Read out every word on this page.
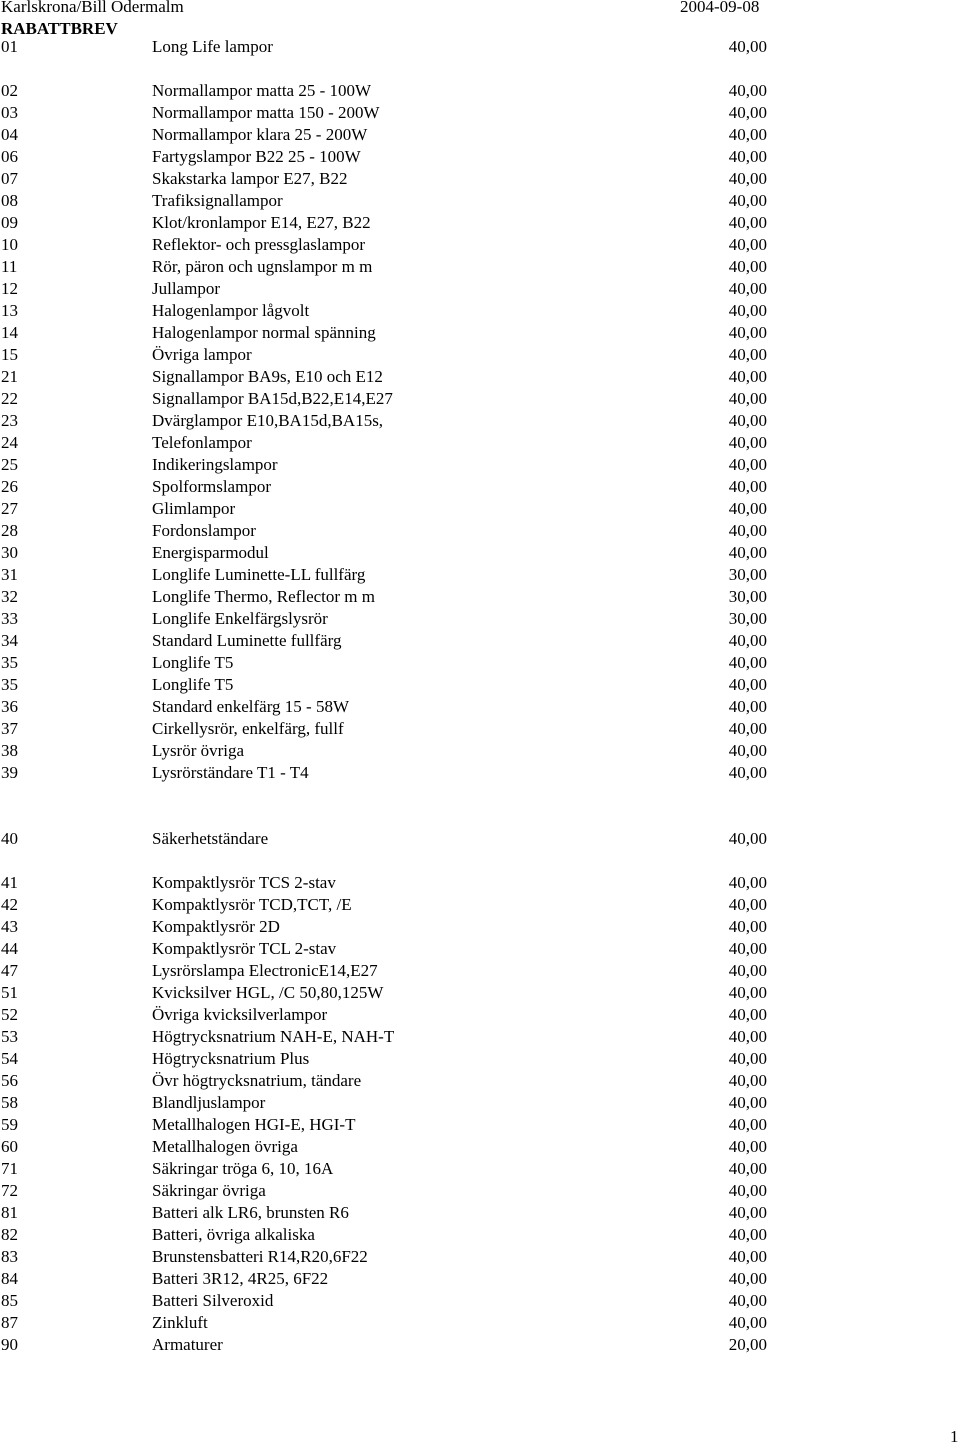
Karlskrona/Bill Odermalm	2004-09-08
RABATTBREV
01	Long Life lampor	40,00
02	Normallampor matta 25 - 100W	40,00
03	Normallampor matta 150 - 200W	40,00
04	Normallampor klara 25 - 200W	40,00
06	Fartygslampor B22 25 - 100W	40,00
07	Skakstarka lampor E27, B22	40,00
08	Trafiksignallampor	40,00
09	Klot/kronlampor E14, E27, B22	40,00
10	Reflektor- och pressglaslampor	40,00
11	Rör, päron och ugnslampor m m	40,00
12	Jullampor	40,00
13	Halogenlampor lågvolt	40,00
14	Halogenlampor normal spänning	40,00
15	Övriga lampor	40,00
21	Signallampor BA9s, E10 och E12	40,00
22	Signallampor BA15d,B22,E14,E27	40,00
23	Dvärglampor E10,BA15d,BA15s,	40,00
24	Telefonlampor	40,00
25	Indikeringslampor	40,00
26	Spolformslampor	40,00
27	Glimlampor	40,00
28	Fordonslampor	40,00
30	Energisparmodul	40,00
31	Longlife Luminette-LL fullfärg	30,00
32	Longlife Thermo, Reflector m m	30,00
33	Longlife Enkelfärgslysrör	30,00
34	Standard Luminette fullfärg	40,00
35	Longlife T5	40,00
35	Longlife T5	40,00
36	Standard enkelfärg 15 - 58W	40,00
37	Cirkellysrör, enkelfärg, fullf	40,00
38	Lysrör övriga	40,00
39	Lysrörständare T1 - T4	40,00
40	Säkerhetständare	40,00
41	Kompaktlysrör TCS 2-stav	40,00
42	Kompaktlysrör TCD,TCT, /E	40,00
43	Kompaktlysrör 2D	40,00
44	Kompaktlysrör TCL 2-stav	40,00
47	Lysrörslampa ElectronicE14,E27	40,00
51	Kvicksilver HGL, /C 50,80,125W	40,00
52	Övriga kvicksilverlampor	40,00
53	Högtrycksnatrium NAH-E, NAH-T	40,00
54	Högtrycksnatrium Plus	40,00
56	Övr högtrycksnatrium, tändare	40,00
58	Blandljuslampor	40,00
59	Metallhalogen HGI-E, HGI-T	40,00
60	Metallhalogen övriga	40,00
71	Säkringar tröga 6, 10, 16A	40,00
72	Säkringar övriga	40,00
81	Batteri alk LR6, brunsten R6	40,00
82	Batteri, övriga alkaliska	40,00
83	Brunstensbatteri R14,R20,6F22	40,00
84	Batteri 3R12, 4R25, 6F22	40,00
85	Batteri Silveroxid	40,00
87	Zinkluft	40,00
90	Armaturer	20,00
1
